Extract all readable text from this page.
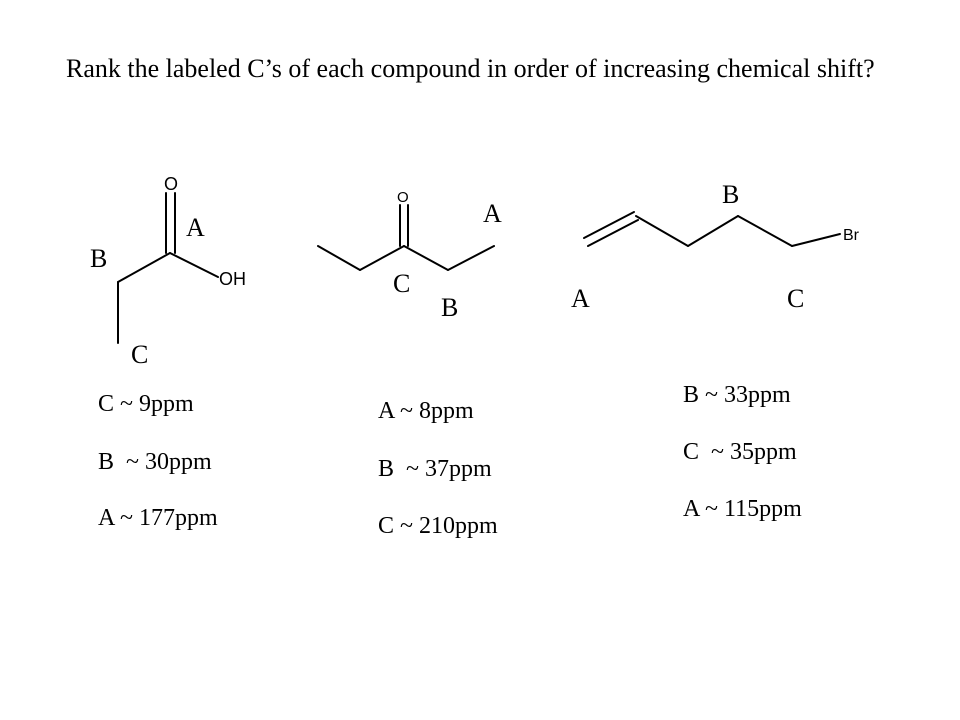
Rank the labeled C’s of each compound in order of increasing chemical shift?
O
OH
A
B
C
O
A
C
B
Br
B
A	C
C ~ 9ppm
B  ~ 30ppm
A ~ 177ppm
A ~ 8ppm
B  ~ 37ppm
C ~ 210ppm
B ~ 33ppm
C  ~ 35ppm
A ~ 115ppm
